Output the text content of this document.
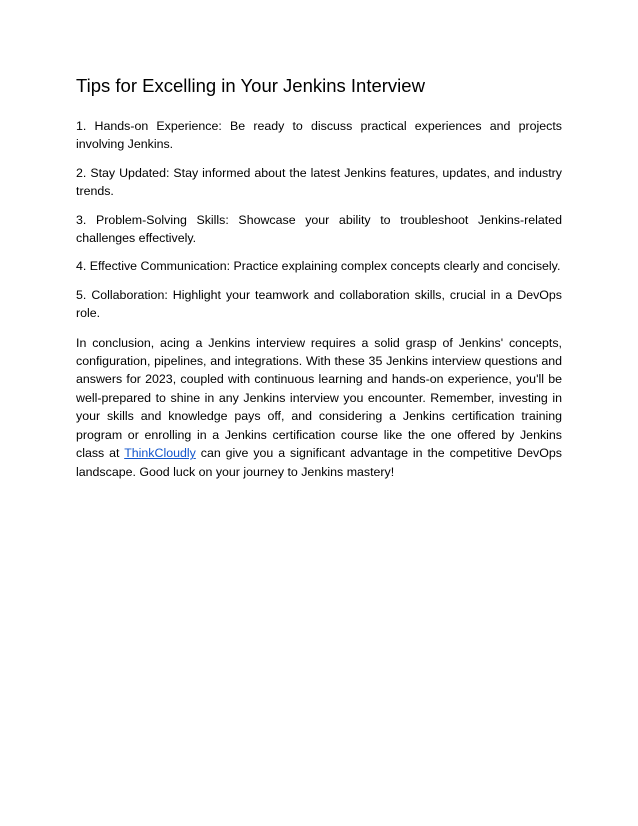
Tips for Excelling in Your Jenkins Interview

1. Hands-on Experience: Be ready to discuss practical experiences and projects involving Jenkins.

2. Stay Updated: Stay informed about the latest Jenkins features, updates, and industry trends.

3. Problem-Solving Skills: Showcase your ability to troubleshoot Jenkins-related challenges effectively.

4. Effective Communication: Practice explaining complex concepts clearly and concisely.

5. Collaboration: Highlight your teamwork and collaboration skills, crucial in a DevOps role.

In conclusion, acing a Jenkins interview requires a solid grasp of Jenkins' concepts, configuration, pipelines, and integrations. With these 35 Jenkins interview questions and answers for 2023, coupled with continuous learning and hands-on experience, you'll be well-prepared to shine in any Jenkins interview you encounter. Remember, investing in your skills and knowledge pays off, and considering a Jenkins certification training program or enrolling in a Jenkins certification course like the one offered by Jenkins class at ThinkCloudly can give you a significant advantage in the competitive DevOps landscape. Good luck on your journey to Jenkins mastery!
